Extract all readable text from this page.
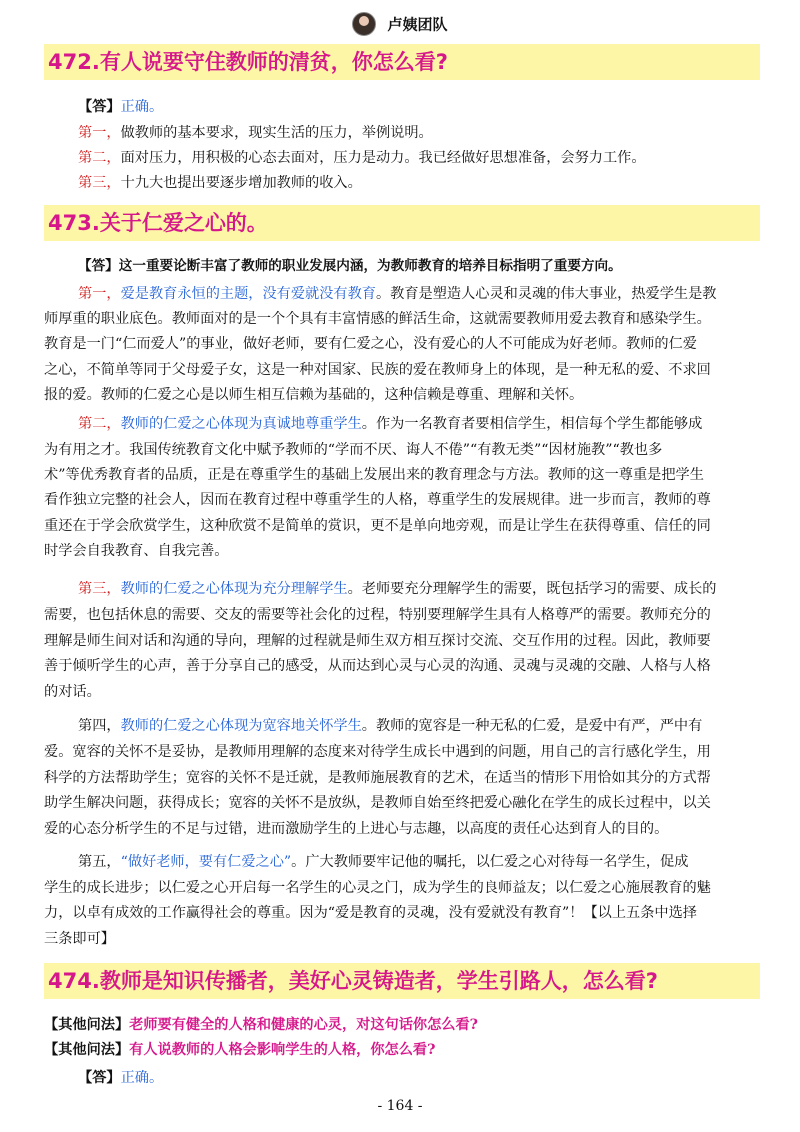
卢姨团队
472.有人说要守住教师的清贫，你怎么看?
【答】正确。
第一，做教师的基本要求，现实生活的压力，举例说明。
第二，面对压力，用积极的心态去面对，压力是动力。我已经做好思想准备，会努力工作。
第三，十九大也提出要逐步增加教师的收入。
473.关于仁爱之心的。
【答】这一重要论断丰富了教师的职业发展内涵，为教师教育的培养目标指明了重要方向。
第一，爱是教育永恒的主题，没有爱就没有教育。教育是塑造人心灵和灵魂的伟大事业，热爱学生是教
师厚重的职业底色。教师面对的是一个个具有丰富情感的鲜活生命，这就需要教师用爱去教育和感染学生。
教育是一门“仁而爱人”的事业，做好老师，要有仁爱之心，没有爱心的人不可能成为好老师。教师的仁爱
之心，不简单等同于父母爱子女，这是一种对国家、民族的爱在教师身上的体现，是一种无私的爱、不求回
报的爱。教师的仁爱之心是以师生相互信赖为基础的，这种信赖是尊重、理解和关怀。
第二，教师的仁爱之心体现为真诚地尊重学生。作为一名教育者要相信学生，相信每个学生都能够成
为有用之才。我国传统教育文化中赋予教师的“学而不厌、诲人不倦”“有教无类”“因材施教”“教也多
术”等优秀教育者的品质，正是在尊重学生的基础上发展出来的教育理念与方法。教师的这一尊重是把学生
看作独立完整的社会人，因而在教育过程中尊重学生的人格，尊重学生的发展规律。进一步而言，教师的尊
重还在于学会欣赏学生，这种欣赏不是简单的赏识，更不是单向地旁观，而是让学生在获得尊重、信任的同
时学会自我教育、自我完善。
第三，教师的仁爱之心体现为充分理解学生。老师要充分理解学生的需要，既包括学习的需要、成长的
需要，也包括休息的需要、交友的需要等社会化的过程，特别要理解学生具有人格尊严的需要。教师充分的
理解是师生间对话和沟通的导向，理解的过程就是师生双方相互探讨交流、交互作用的过程。因此，教师要
善于倾听学生的心声，善于分享自己的感受，从而达到心灵与心灵的沟通、灵魂与灵魂的交融、人格与人格
的对话。
第四，教师的仁爱之心体现为宽容地关怀学生。教师的宽容是一种无私的仁爱，是爱中有严，严中有
爱。宽容的关怀不是妥协，是教师用理解的态度来对待学生成长中遇到的问题，用自己的言行感化学生，用
科学的方法帮助学生；宽容的关怀不是迁就，是教师施展教育的艺术，在适当的情形下用恰如其分的方式帮
助学生解决问题，获得成长；宽容的关怀不是放纵，是教师自始至终把爱心融化在学生的成长过程中，以关
爱的心态分析学生的不足与过错，进而激励学生的上进心与志趣，以高度的责任心达到育人的目的。
第五，“做好老师，要有仁爱之心”。广大教师要牢记他的嘱托，以仁爱之心对待每一名学生，促成
学生的成长进步；以仁爱之心开启每一名学生的心灵之门，成为学生的良师益友；以仁爱之心施展教育的魅
力，以卓有成效的工作赢得社会的尊重。因为“爱是教育的灵魂，没有爱就没有教育”！【以上五条中选择
三条即可】
474.教师是知识传播者，美好心灵铸造者，学生引路人，怎么看?
【其他问法】老师要有健全的人格和健康的心灵，对这句话你怎么看?
【其他问法】有人说教师的人格会影响学生的人格，你怎么看?
【答】正确。
- 164 -
